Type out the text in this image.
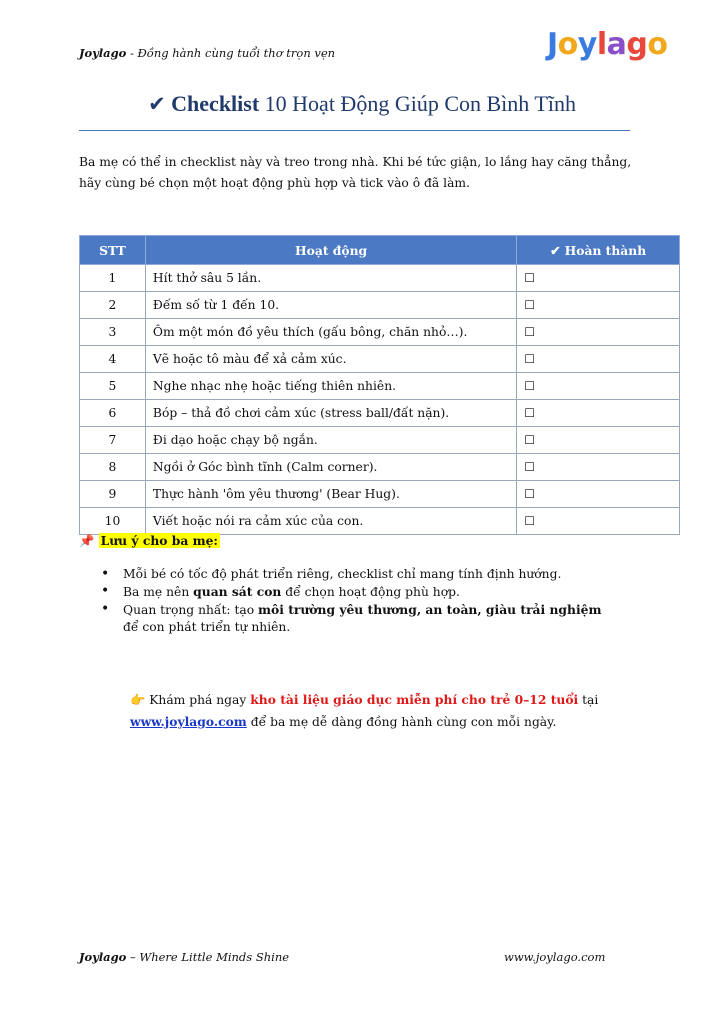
Joylago - Đồng hành cùng tuổi thơ trọn vẹn	Joylago
✔ Checklist 10 Hoạt Động Giúp Con Bình Tĩnh
Ba mẹ có thể in checklist này và treo trong nhà. Khi bé tức giận, lo lắng hay căng thẳng, hãy cùng bé chọn một hoạt động phù hợp và tick vào ô đã làm.
STT	Hoạt động	✔ Hoàn thành
1	Hít thở sâu 5 lần.	☐
2	Đếm số từ 1 đến 10.	☐
3	Ôm một món đồ yêu thích (gấu bông, chăn nhỏ…).	☐
4	Vẽ hoặc tô màu để xả cảm xúc.	☐
5	Nghe nhạc nhẹ hoặc tiếng thiên nhiên.	☐
6	Bóp – thả đồ chơi cảm xúc (stress ball/đất nặn).	☐
7	Đi dạo hoặc chạy bộ ngắn.	☐
8	Ngồi ở Góc bình tĩnh (Calm corner).	☐
9	Thực hành 'ôm yêu thương' (Bear Hug).	☐
10	Viết hoặc nói ra cảm xúc của con.	☐
📌 Lưu ý cho ba mẹ:
• Mỗi bé có tốc độ phát triển riêng, checklist chỉ mang tính định hướng.
• Ba mẹ nên quan sát con để chọn hoạt động phù hợp.
• Quan trọng nhất: tạo môi trường yêu thương, an toàn, giàu trải nghiệm để con phát triển tự nhiên.
👉 Khám phá ngay kho tài liệu giáo dục miễn phí cho trẻ 0–12 tuổi tại www.joylago.com để ba mẹ dễ dàng đồng hành cùng con mỗi ngày.
Joylago – Where Little Minds Shine	www.joylago.com
